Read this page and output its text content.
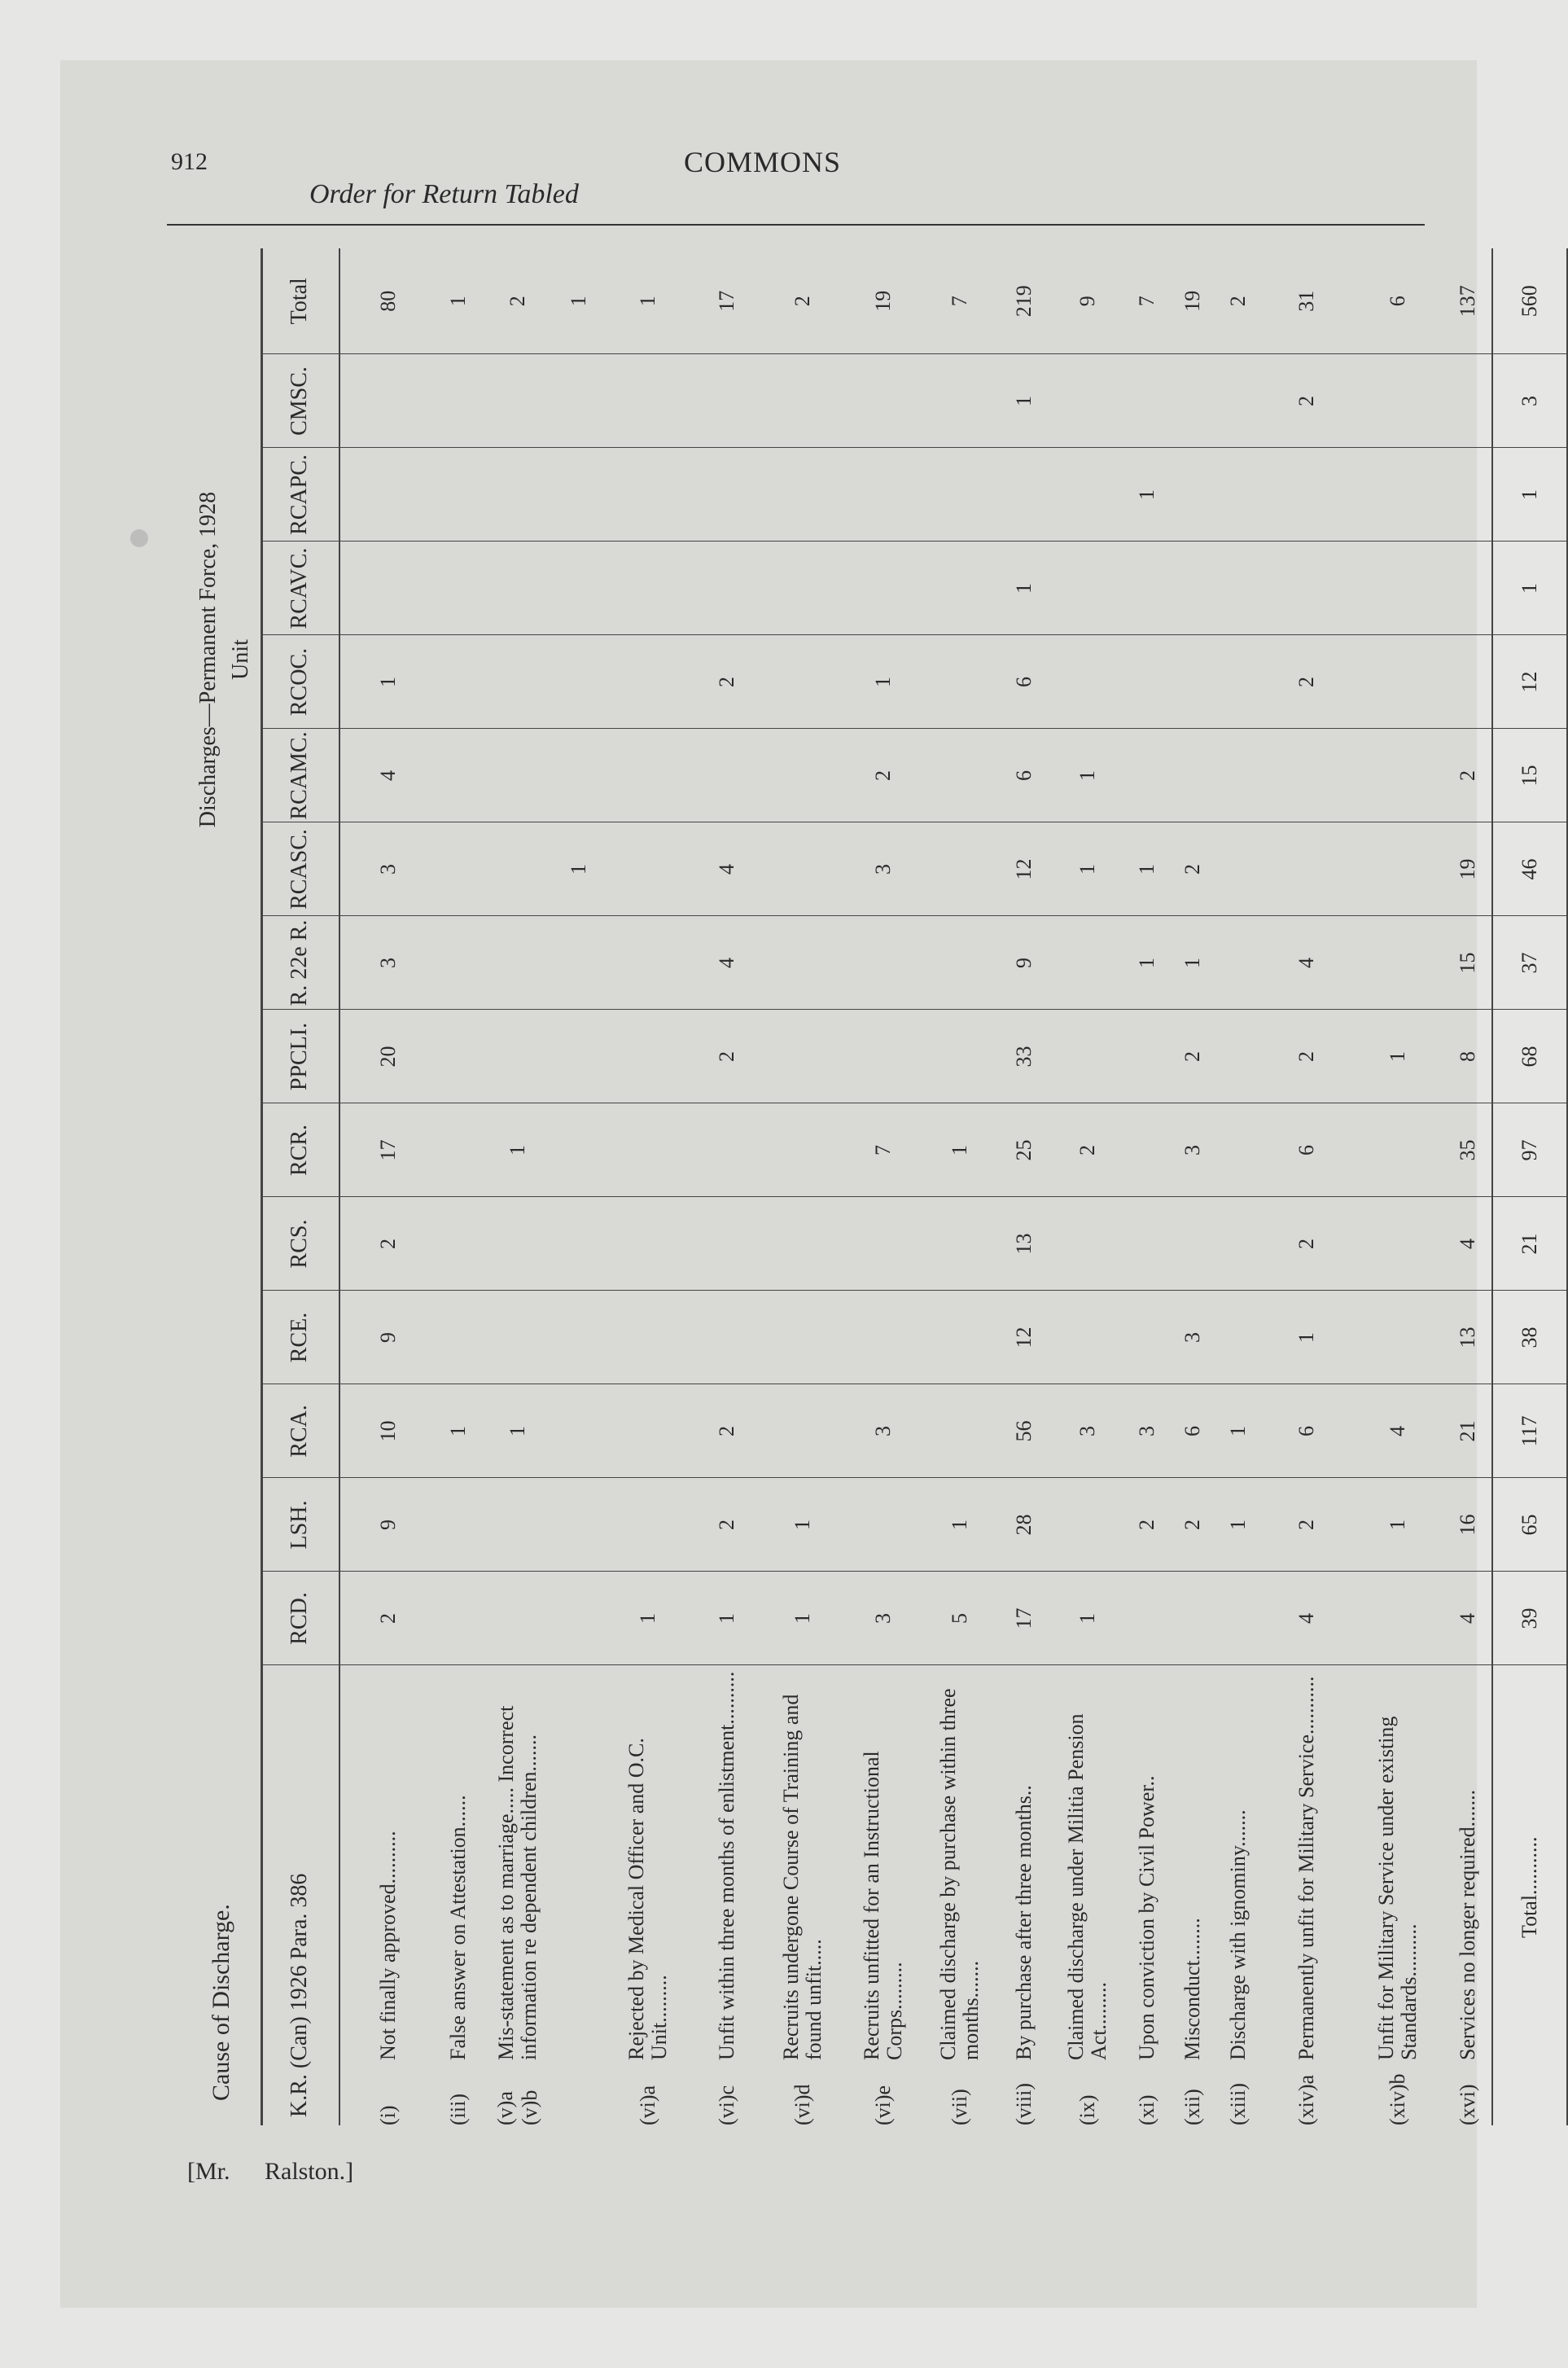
912	COMMONS
Order for Return Tabled
Discharges—Permanent Force, 1928
Cause of Discharge.
Unit
K.R. (Can) 1926 Para. 386	RCD.	LSH.	RCA.	RCE.	RCS.	RCR.	PPCLI.	R. 22e R.	RCASC.	RCAMC.	RCOC.	RCAVC.	RCAPC.	CMSC.	Total

(i)
Not finally approved..........	2	9	10	9	2	17	20	3	3	4	1				80

(iii)
False answer on Attestation......			1												1

(v)a (v)b
Mis-statement as to marriage..... Incorrect information re dependent children.......			1			1									2

									1						1

(vi)a
Rejected by Medical Officer and O.C. Unit.........	1														1

(vi)c
Unfit within three months of enlistment..........	1	2	2				2	4	4		2				17

(vi)d
Recruits undergone Course of Training and found unfit.....	1	1													2

(vi)e
Recruits unfitted for an Instructional Corps.........	3		3			7			3	2	1				19

(vii)
Claimed discharge by purchase within three months.......	5	1				1									7

(viii)
By purchase after three months..	17	28	56	12	13	25	33	9	12	6	6	1		1	219

(ix)
Claimed discharge under Militia Pension Act.........	1		3			2			1	1					9

(xi)
Upon conviction by Civil Power..		2	3					1	1				1		7

(xii)
Misconduct........		2	6	3		3	2	1	2						19

(xiii)
Discharge with ignominy.......		1	1												2

(xiv)a
Permanently unfit for Military Service...........	4	2	6	1	2	6	2	4			2			2	31

(xiv)b
Unfit for Military Service under existing Standards..........		1	4				1								6

(xvi)
Services no longer required.......	4	16	21	13	4	35	8	15	19	2					137
Total...........	39	65	117	38	21	97	68	37	46	15	12	1	1	3	560
[Mr. Ralston.]
